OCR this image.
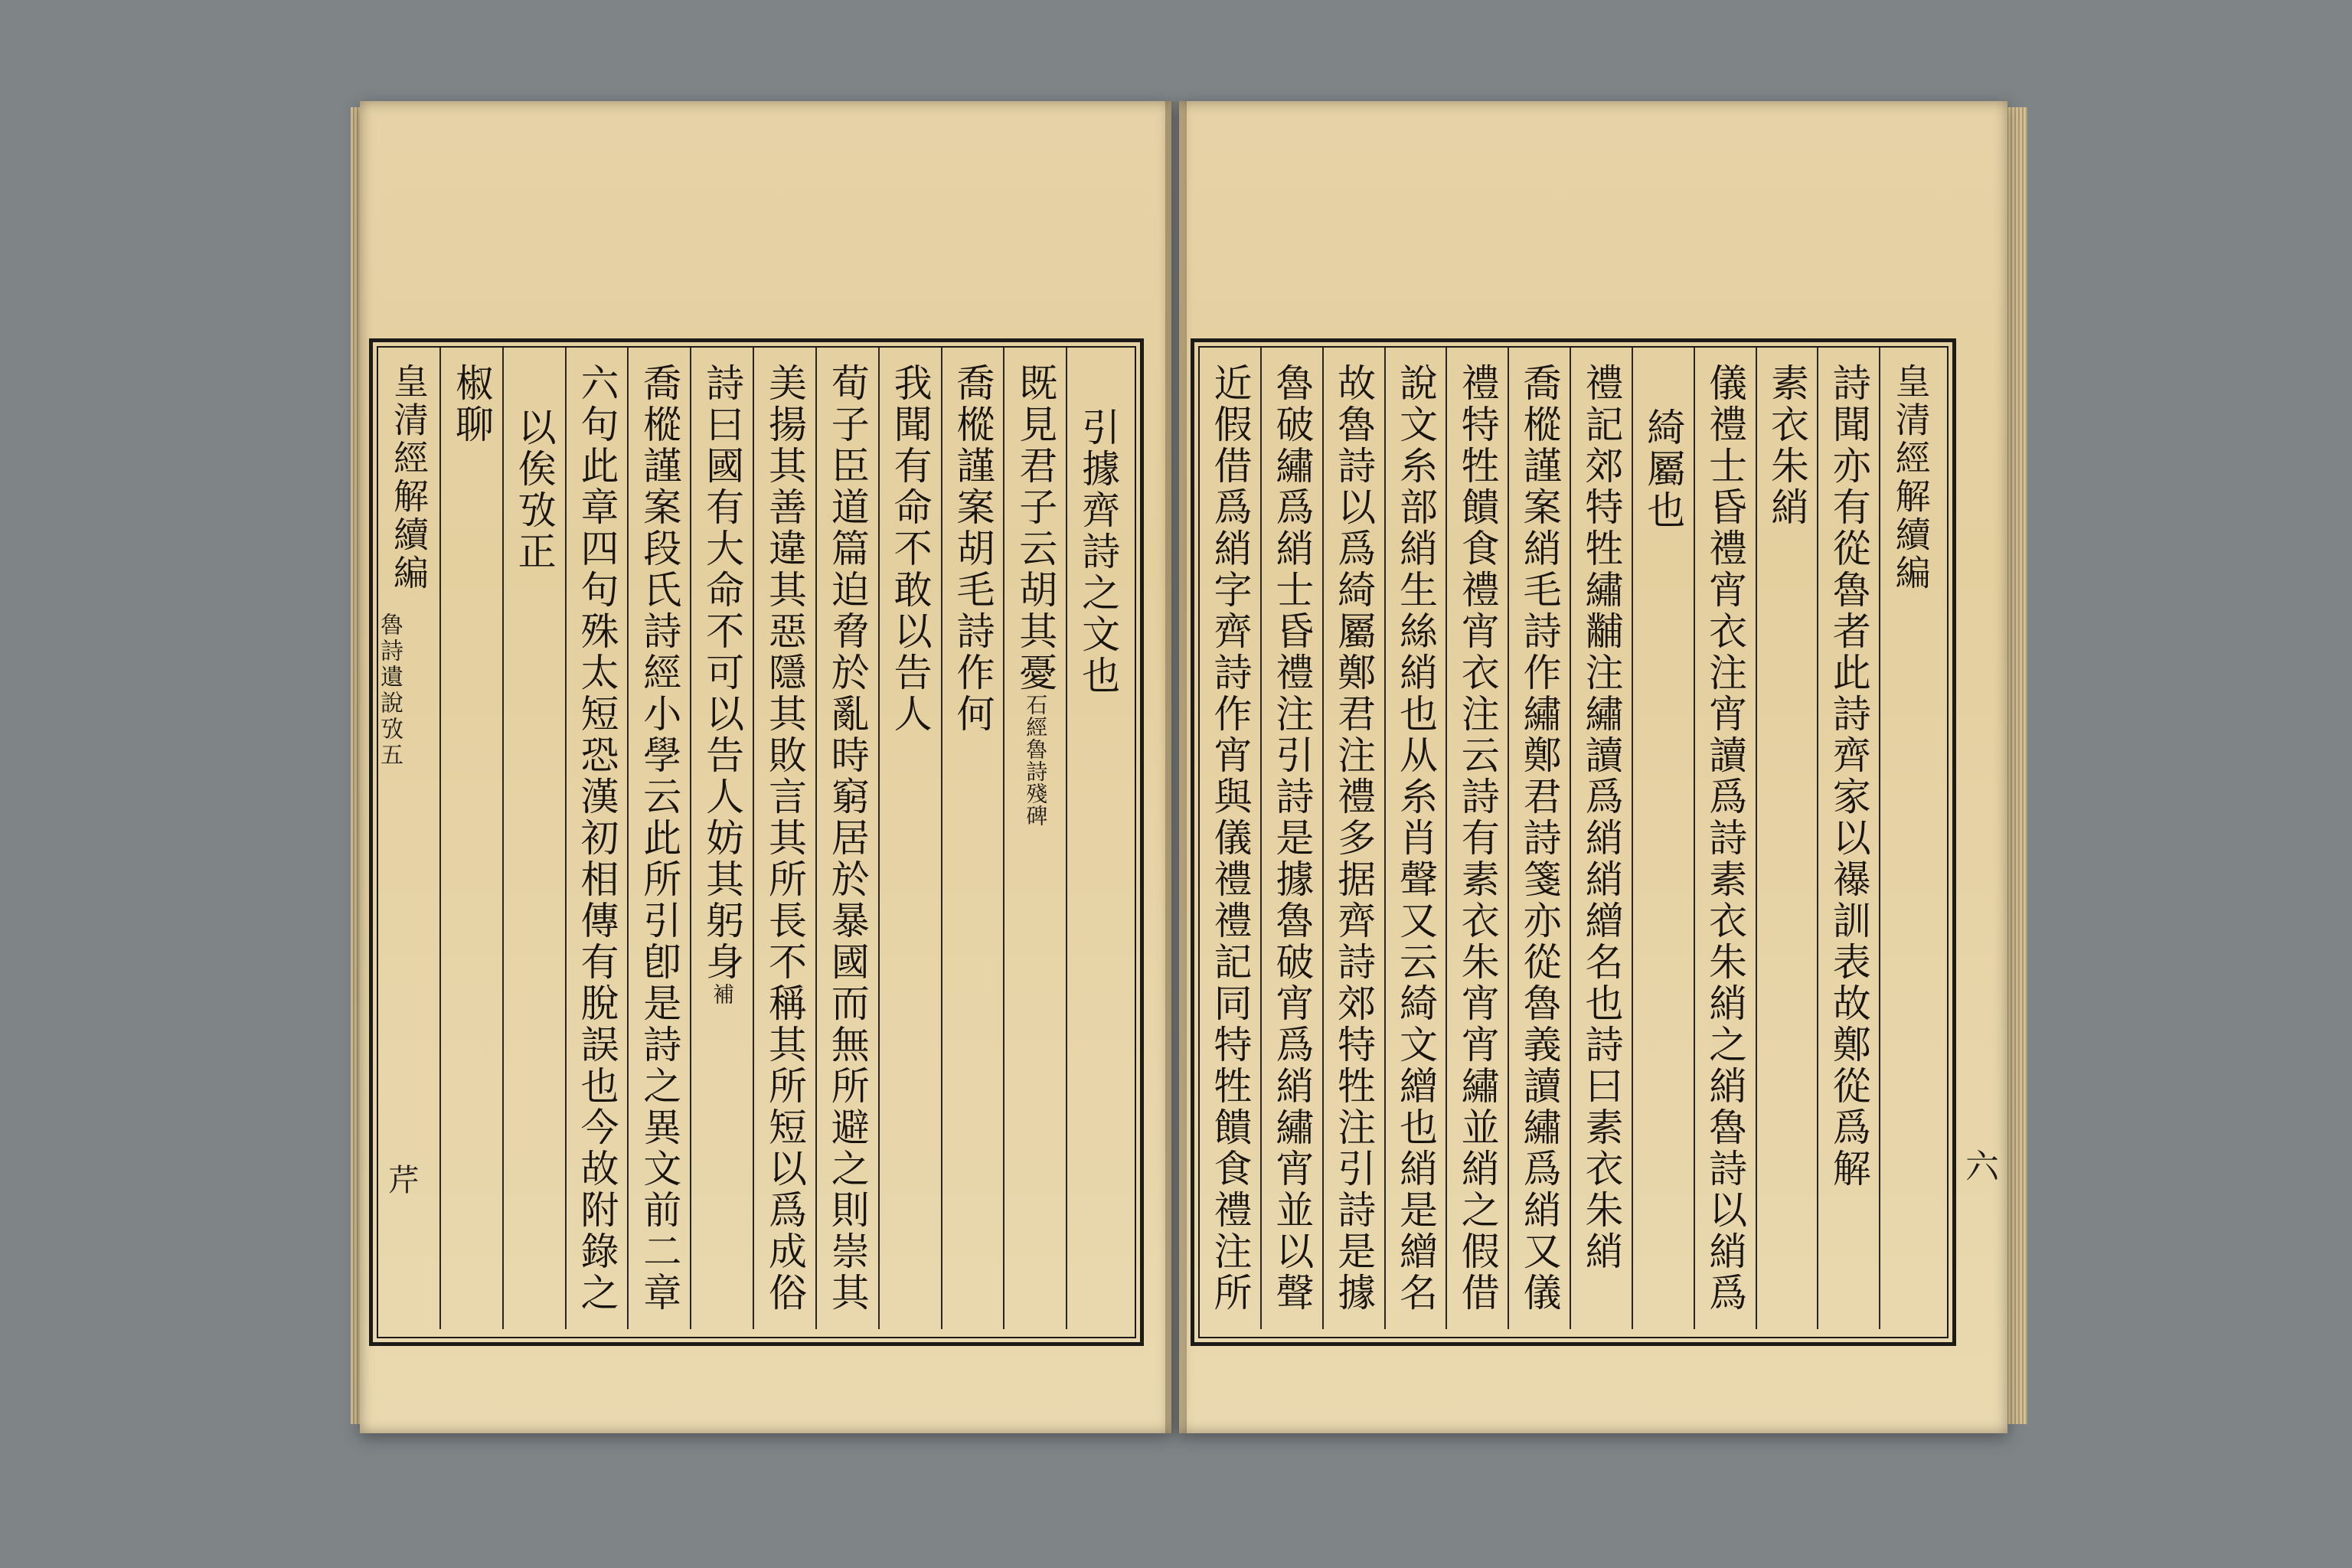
皇清經解續編
詩聞亦有從魯者此詩齊家以襮訓表故鄭從爲解
素衣朱綃
儀禮士昏禮宵衣注宵讀爲詩素衣朱綃之綃魯詩以綃爲
綺屬也
禮記郊特牲繡黼注繡讀爲綃綃繒名也詩曰素衣朱綃
喬樅謹案綃毛詩作繡鄭君詩箋亦從魯義讀繡爲綃又儀
禮特牲饋食禮宵衣注云詩有素衣朱宵宵繡並綃之假借
說文糸部綃生絲綃也从糸肖聲又云綺文繒也綃是繒名
故魯詩以爲綺屬鄭君注禮多据齊詩郊特牲注引詩是據
魯破繡爲綃士昏禮注引詩是據魯破宵爲綃繡宵並以聲
近假借爲綃字齊詩作宵與儀禮禮記同特牲饋食禮注所
引據齊詩之文也
既見君子云胡其憂
石經魯詩殘碑
喬樅謹案胡毛詩作何
我聞有命不敢以告人
荀子臣道篇迫脅於亂時窮居於暴國而無所避之則崇其
美揚其善違其惡隱其敗言其所長不稱其所短以爲成俗
詩曰國有大命不可以告人妨其躬身
補
喬樅謹案段氏詩經小學云此所引卽是詩之異文前二章
六句此章四句殊太短恐漢初相傳有脫誤也今故附錄之
以俟攷正
椒聊
皇清經解續編
魯詩遺說攷五
芹	六
